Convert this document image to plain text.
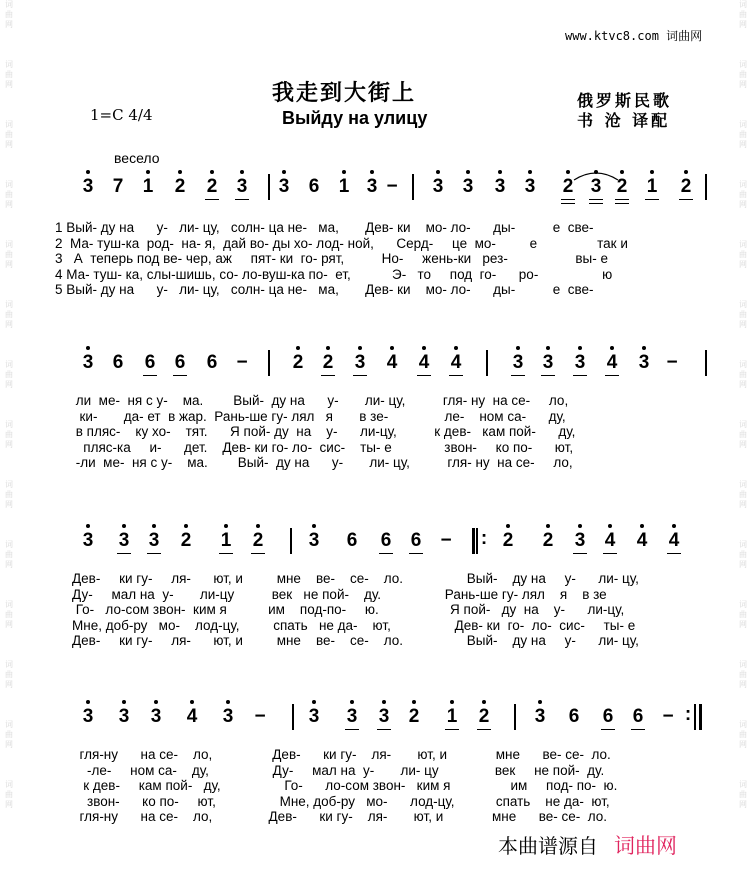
词
曲
网
词
曲
网
词
曲
网
词
曲
网
词
曲
网
词
曲
网
词
曲
网
词
曲
网
词
曲
网
词
曲
网
词
曲
网
词
曲
网
词
曲
网
词
曲
网
词
曲
网
词
曲
网
词
曲
网
词
曲
网
词
曲
网
词
曲
网
词
曲
网
词
曲
网
词
曲
网
词
曲
网
词
曲
网
词
曲
网
词
曲
网
词
曲
网
www.ktvc8.com 词曲网
我走到大街上
Выйду на улицу
1=C 4/4
俄罗斯民歌
书 沧 译配
весело
3 7 1 2 2 3 3 6 1 3 − 3 3 3 3 2 3 2 1 2
3 6 6 6 6 − 2 2 3 4 4 4	3 3 3 4 3 −
3 3 3 2 1 2 3 6 6 6 − : 2 2 3 4 4 4
3 3 3 4 3 − 3 3 3 2 1 2 3 6 6 6 − :
1 Вый- ду на      у-   ли- цу,   солн- ца не-   ма,       Дев- ки    мо- ло-      ды-          е  све-
2  Ма- туш-ка  род-  на- я,  дай во- ды хо- лод- ной,      Серд-     це  мо-         е                так и
3   А  теперь под ве- чер, аж     пят- ки  го- рят,          Но-     жень-ки   рез-                  вы- е
4 Ма- туш- ка, слы-шишь, со- ло-вуш-ка по-  ет,           Э-   то     под  го-      ро-                 ю
5 Вый- ду на      у-   ли- цу,   солн- ца не-   ма,       Дев- ки    мо- ло-      ды-          е  све-
ли  ме-  ня с у-    ма.        Вый-  ду на      у-       ли- цу,          гля- ну  на се-     ло,
ки-       да- ет  в жар.  Рань-ше гу- лял   я       в зе-               ле-    ном са-      ду,
в пляс-    ку хо-    тят.      Я пой- ду  на    у-      ли-цу,          к дев-   кам пой-      ду,
пляс-ка     и-      дет.    Дев- ки го- ло-  сис-    ты- е              звон-     ко по-      ют,
-ли  ме-  ня с у-    ма.        Вый-  ду на      у-       ли- цу,          гля- ну  на се-     ло,
Дев-     ки гу-     ля-      ют, и         мне    ве-    се-    ло.                 Вый-    ду на     у-      ли- цу,
Ду-     мал на  у-       ли-цу          век   не пой-    ду.                 Рань-ше гу- лял    я    в зе
Го-   ло-сом звон-  ким я           им    под-по-     ю.                   Я пой-   ду  на    у-      ли-цу,
Мне, доб-ру   мо-    лод-цу,         спать   не да-    ют,                 Дев- ки  го-  ло-  сис-     ты- е
Дев-     ки гу-     ля-      ют, и         мне    ве-    се-    ло.                 Вый-    ду на     у-      ли- цу,
гля-ну      на се-    ло,                Дев-      ки гу-    ля-       ют, и             мне      ве- се-  ло.
-ле-     ном са-    ду,                 Ду-     мал на  у-       ли- цу               век     не пой-  ду.
к дев-     кам пой-   ду,                 Го-      ло-сом звон-   ким я                им     под- по-  ю.
звон-      ко по-     ют,                 Мне, доб-ру   мо-      лод-цу,           спать    не да-  ют,
гля-ну      на се-    ло,               Дев-      ки гу-    ля-       ют, и             мне      ве- се-  ло.
本曲谱源自 词曲网
